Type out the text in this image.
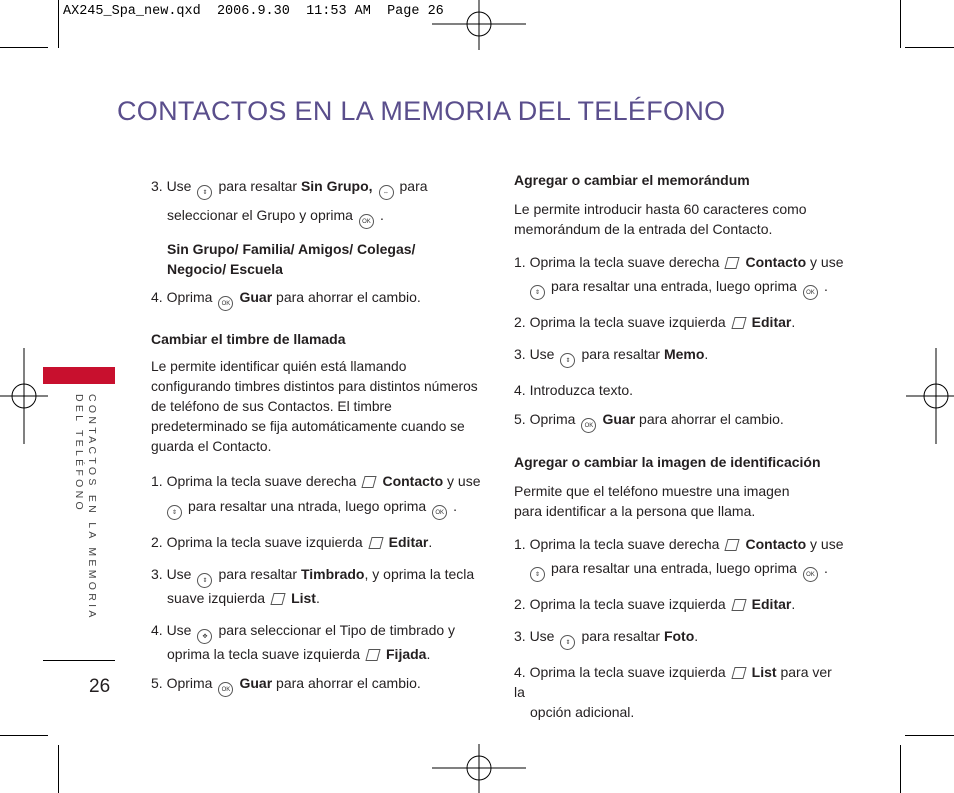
AX245_Spa_new.qxd 2006.9.30 11:53 AM Page 26
CONTACTOS EN LA MEMORIA DEL TELÉFONO
CONTACTOS EN LA MEMORIA
DEL TELÉFONO
26

3. Use ⇕ para resaltar Sin Grupo, ⇔ para

seleccionar el Grupo y oprima OK .

Sin Grupo/ Familia/ Amigos/ Colegas/ Negocio/ Escuela

4. Oprima OK Guar para ahorrar el cambio.

Cambiar el timbre de llamada

Le permite identificar quién está llamando configurando timbres distintos para distintos números de teléfono de sus Contactos. El timbre predeterminado se fija automáticamente cuando se guarda el Contacto.

1. Oprima la tecla suave derecha Contacto y use

⇕ para resaltar una ntrada, luego oprima OK .

2. Oprima la tecla suave izquierda Editar.

3. Use ⇕ para resaltar Timbrado, y oprima la tecla

suave izquierda List.

4. Use ✥ para seleccionar el Tipo de timbrado y

oprima la tecla suave izquierda Fijada.

5. Oprima OK Guar para ahorrar el cambio.

Agregar o cambiar el memorándum

Le permite introducir hasta 60 caracteres como memorándum de la entrada del Contacto.

1. Oprima la tecla suave derecha Contacto y use

⇕ para resaltar una entrada, luego oprima OK .

2. Oprima la tecla suave izquierda Editar.

3. Use ⇕ para resaltar Memo.

4. Introduzca texto.

5. Oprima OK Guar para ahorrar el cambio.

Agregar o cambiar la imagen de identificación

Permite que el teléfono muestre una imagen para identificar a la persona que llama.

1. Oprima la tecla suave derecha Contacto y use

⇕ para resaltar una entrada, luego oprima OK .

2. Oprima la tecla suave izquierda Editar.

3. Use ⇕ para resaltar Foto.

4. Oprima la tecla suave izquierda List para ver la

opción adicional.
